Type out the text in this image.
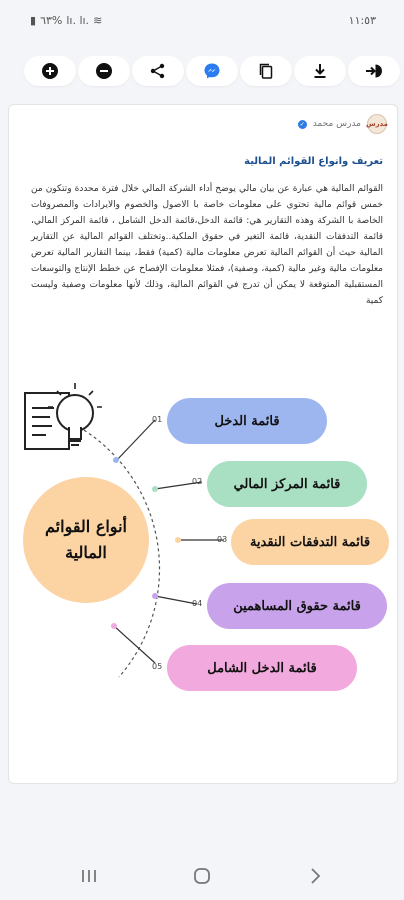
▮ ٦٣% lı. lı. ≋	١١:٥٣
مدرس
مدرس محمد
✓
تعريف وانواع القوائم المالية
القوائم المالية هي عبارة عن بيان مالي يوضح أداء الشركة المالي خلال فترة محددة وتتكون من خمس قوائم مالية تحتوي على معلومات خاصة با الاصول والخصوم والايرادات والمصروفات الخاصة با الشركة وهذه التقارير هي: قائمة الدخل،قائمة الدخل الشامل ، قائمة المركز المالي، قائمة التدفقات النقدية، قائمة التغير في حقوق الملكية..وتختلف القوائم المالية عن التقارير المالية حيث أن القوائم المالية تعرض معلومات مالية (كمية) فقط، بينما التقارير المالية تعرض معلومات مالية وغير مالية (كمية، وصفية)، فمثلا معلومات الإفصاح عن خطط الإنتاج والتوسعات المستقبلية المتوقعة لا يمكن أن تدرج في القوائم المالية، وذلك لأنها معلومات وصفية وليست كمية
أنواع القوائم المالية
01	قائمة الدخل
02 قائمة المركز المالي
03 قائمة التدفقات النقدية
04 قائمة حقوق المساهمين
05	قائمة الدخل الشامل
